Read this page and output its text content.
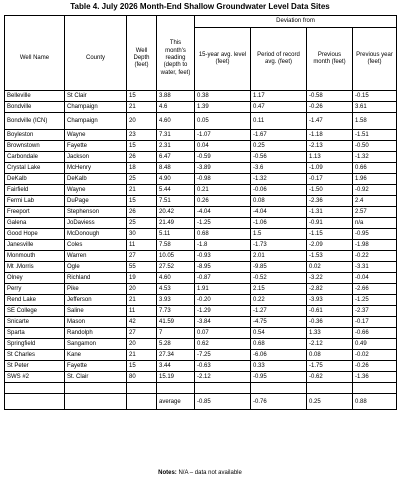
Table 4. July 2026 Month-End Shallow Groundwater Level Data Sites
				Deviation from			
Well Name	County	Well Depth (feet)	This month's reading (depth to water, feet)	15-year avg. level (feet)	Period of record avg. (feet)	Previous month (feet)	Previous year (feet)
Belleville	St Clair	15	3.88	0.38	1.17	-0.58	-0.15
Bondville	Champaign	21	4.6	1.39	0.47	-0.26	3.61
Bondville (ICN)	Champaign	20	4.60	0.05	0.11	-1.47	1.58
Boyleston	Wayne	23	7.31	-1.07	-1.67	-1.18	-1.51
Brownstown	Fayette	15	2.31	0.04	0.25	-2.13	-0.50
Carbondale	Jackson	26	6.47	-0.59	-0.56	1.13	-1.32
Crystal Lake	McHenry	18	8.48	-3.89	-3.6	-1.09	0.66
DeKalb	DeKalb	25	4.90	-0.98	-1.32	-0.17	1.96
Fairfield	Wayne	21	5.44	0.21	-0.06	-1.50	-0.92
Fermi Lab	DuPage	15	7.51	0.26	0.08	-2.36	2.4
Freeport	Stephenson	26	20.42	-4.04	-4.04	-1.31	2.57
Galena	JoDaviess	25	21.49	-1.25	-1.06	-0.91	n/a
Good Hope	McDonough	30	5.11	0.68	1.5	-1.15	-0.95
Janesville	Coles	11	7.58	-1.8	-1.73	-2.09	-1.98
Monmouth	Warren	27	10.05	-0.93	2.01	-1.53	-0.22
Mt .Morris	Ogle	55	27.52	-8.95	-9.85	0.02	-3.31
Olney	Richland	19	4.60	-0.87	-0.52	-3.22	-0.04
Perry	Pike	20	4.53	1.91	2.15	-2.82	-2.66
Rend Lake	Jefferson	21	3.93	-0.20	0.22	-3.93	-1.25
SE College	Saline	11	7.73	-1.29	-1.27	-0.61	-2.37
Snicarte	Mason	42	41.59	-3.84	-4.75	-0.36	-0.17
Sparta	Randolph	27	7	0.07	0.54	1.33	-0.66
Springfield	Sangamon	20	5.28	0.62	0.68	-2.12	0.49
St Charles	Kane	21	27.34	-7.25	-6.06	0.08	-0.02
St Peter	Fayette	15	3.44	-0.63	0.33	-1.75	-0.26
SWS #2	St. Clair	80	15.19	-2.12	-0.95	-0.62	-1.36

			average	-0.85	-0.76	0.25	0.88
Notes: N/A – data not available
